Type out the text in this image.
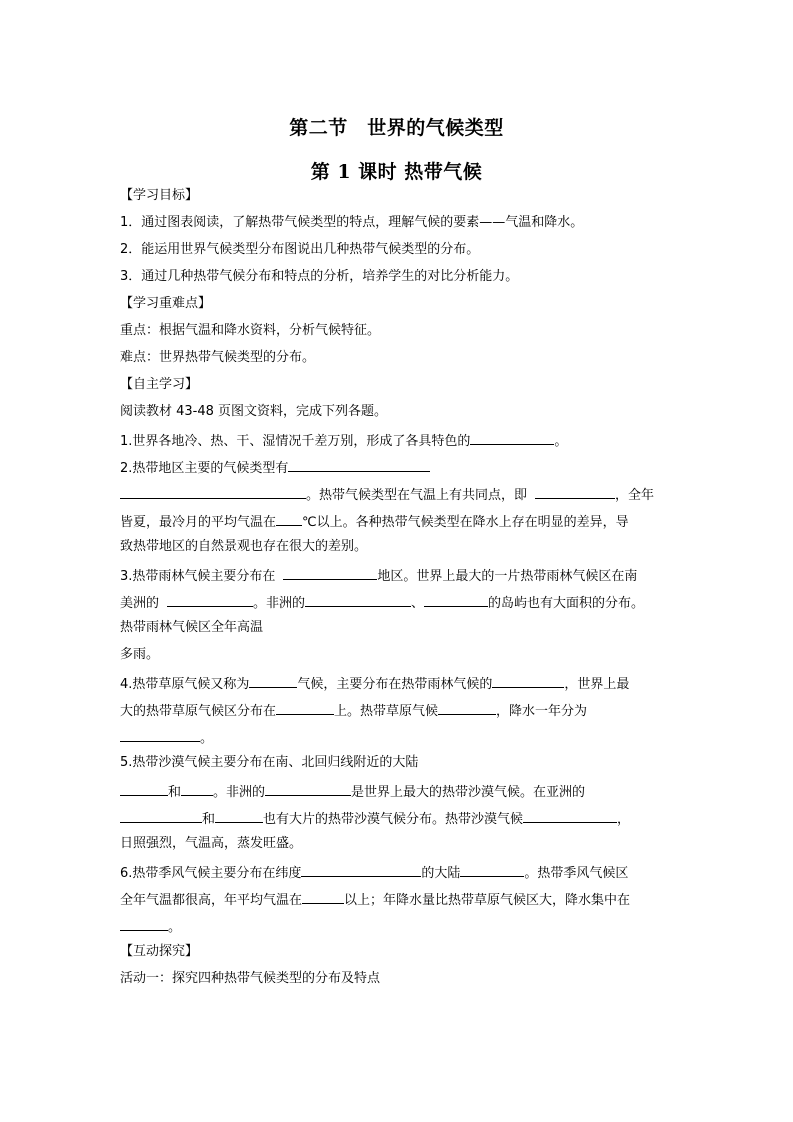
第二节　世界的气候类型
第 1 课时 热带气候
【学习目标】
1．通过图表阅读，了解热带气候类型的特点，理解气候的要素——气温和降水。
2．能运用世界气候类型分布图说出几种热带气候类型的分布。
3．通过几种热带气候分布和特点的分析，培养学生的对比分析能力。
【学习重难点】
重点：根据气温和降水资料，分析气候特征。
难点：世界热带气候类型的分布。
【自主学习】
阅读教材 43-48 页图文资料，完成下列各题。
1.世界各地冷、热、干、湿情况千差万别，形成了各具特色的	。
2.热带地区主要的气候类型有
。热带气候类型在气温上有共同点，即	，全年
皆夏，最冷月的平均气温在 ℃以上。各种热带气候类型在降水上存在明显的差异，导
致热带地区的自然景观也存在很大的差别。
3.热带雨林气候主要分布在	地区。世界上最大的一片热带雨林气候区在南
美洲的	。非洲的	、	的岛屿也有大面积的分布。
热带雨林气候区全年高温
多雨。
4.热带草原气候又称为	气候，主要分布在热带雨林气候的	，世界上最
大的热带草原气候区分布在	上。热带草原气候	，降水一年分为
。
5.热带沙漠气候主要分布在南、北回归线附近的大陆
和 。非洲的	是世界上最大的热带沙漠气候。在亚洲的
和	也有大片的热带沙漠气候分布。热带沙漠气候	，
日照强烈，气温高，蒸发旺盛。
6.热带季风气候主要分布在纬度	的大陆	。热带季风气候区
全年气温都很高，年平均气温在	以上；年降水量比热带草原气候区大，降水集中在
。
【互动探究】
活动一：探究四种热带气候类型的分布及特点
